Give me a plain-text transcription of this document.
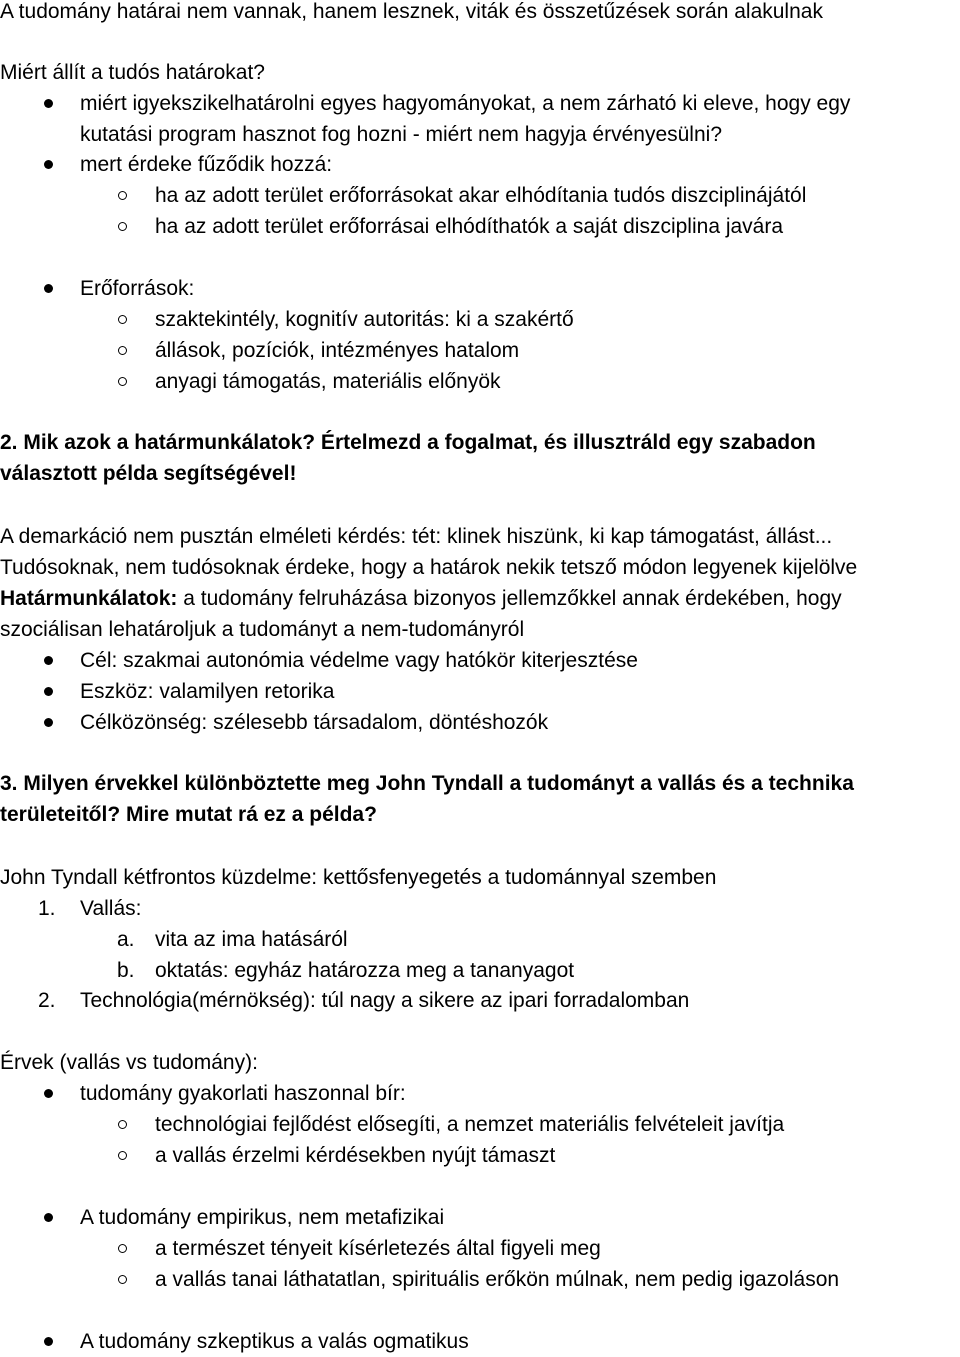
A tudomány határai nem vannak, hanem lesznek, viták és összetűzések során alakulnak
Miért állít a tudós határokat?
miért igyekszikelhatárolni egyes hagyományokat, a nem zárható ki eleve, hogy egy
kutatási program hasznot fog hozni - miért nem hagyja érvényesülni?
mert érdeke fűződik hozzá:
ha az adott terület erőforrásokat akar elhódítania tudós diszciplinájától
ha az adott terület erőforrásai elhódíthatók a saját diszciplina javára
Erőforrások:
szaktekintély, kognitív autoritás: ki a szakértő
állások, pozíciók, intézményes hatalom
anyagi támogatás, materiális előnyök
2. Mik azok a határmunkálatok? Értelmezd a fogalmat, és illusztráld egy szabadon
választott példa segítségével!
A demarkáció nem pusztán elméleti kérdés: tét: klinek hiszünk, ki kap támogatást, állást...
Tudósoknak, nem tudósoknak érdeke, hogy a határok nekik tetsző módon legyenek kijelölve
Határmunkálatok: a tudomány felruházása bizonyos jellemzőkkel annak érdekében, hogy
szociálisan lehatároljuk a tudományt a nem-tudományról
Cél: szakmai autonómia védelme vagy hatókör kiterjesztése
Eszköz: valamilyen retorika
Célközönség: szélesebb társadalom, döntéshozók
3. Milyen érvekkel különböztette meg John Tyndall a tudományt a vallás és a technika
területeitől? Mire mutat rá ez a példa?
John Tyndall kétfrontos küzdelme: kettősfenyegetés a tudománnyal szemben
1. Vallás:
a. vita az ima hatásáról
b. oktatás: egyház határozza meg a tananyagot
2. Technológia(mérnökség): túl nagy a sikere az ipari forradalomban
Érvek (vallás vs tudomány):
tudomány gyakorlati haszonnal bír:
technológiai fejlődést elősegíti, a nemzet materiális felvételeit javítja
a vallás érzelmi kérdésekben nyújt támaszt
A tudomány empirikus, nem metafizikai
a természet tényeit kísérletezés által figyeli meg
a vallás tanai láthatatlan, spirituális erőkön múlnak, nem pedig igazoláson
A tudomány szkeptikus a valás ogmatikus
